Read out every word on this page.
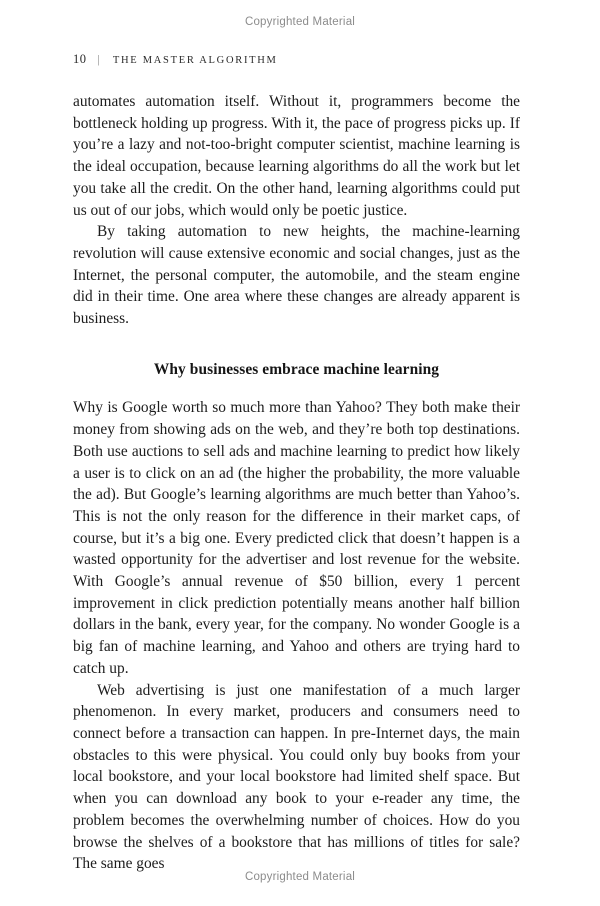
Copyrighted Material
10 | THE MASTER ALGORITHM

automates automation itself. Without it, programmers become the bottleneck holding up progress. With it, the pace of progress picks up. If you’re a lazy and not-too-bright computer scientist, machine learning is the ideal occupation, because learning algorithms do all the work but let you take all the credit. On the other hand, learning algorithms could put us out of our jobs, which would only be poetic justice.

By taking automation to new heights, the machine-learning revolution will cause extensive economic and social changes, just as the Internet, the personal computer, the automobile, and the steam engine did in their time. One area where these changes are already apparent is business.

Why businesses embrace machine learning

Why is Google worth so much more than Yahoo? They both make their money from showing ads on the web, and they’re both top destinations. Both use auctions to sell ads and machine learning to predict how likely a user is to click on an ad (the higher the probability, the more valuable the ad). But Google’s learning algorithms are much better than Yahoo’s. This is not the only reason for the difference in their market caps, of course, but it’s a big one. Every predicted click that doesn’t happen is a wasted opportunity for the advertiser and lost revenue for the website. With Google’s annual revenue of $50 billion, every 1 percent improvement in click prediction potentially means another half billion dollars in the bank, every year, for the company. No wonder Google is a big fan of machine learning, and Yahoo and others are trying hard to catch up.

Web advertising is just one manifestation of a much larger phenomenon. In every market, producers and consumers need to connect before a transaction can happen. In pre-Internet days, the main obstacles to this were physical. You could only buy books from your local bookstore, and your local bookstore had limited shelf space. But when you can download any book to your e-reader any time, the problem becomes the overwhelming number of choices. How do you browse the shelves of a bookstore that has millions of titles for sale? The same goes

Copyrighted Material
